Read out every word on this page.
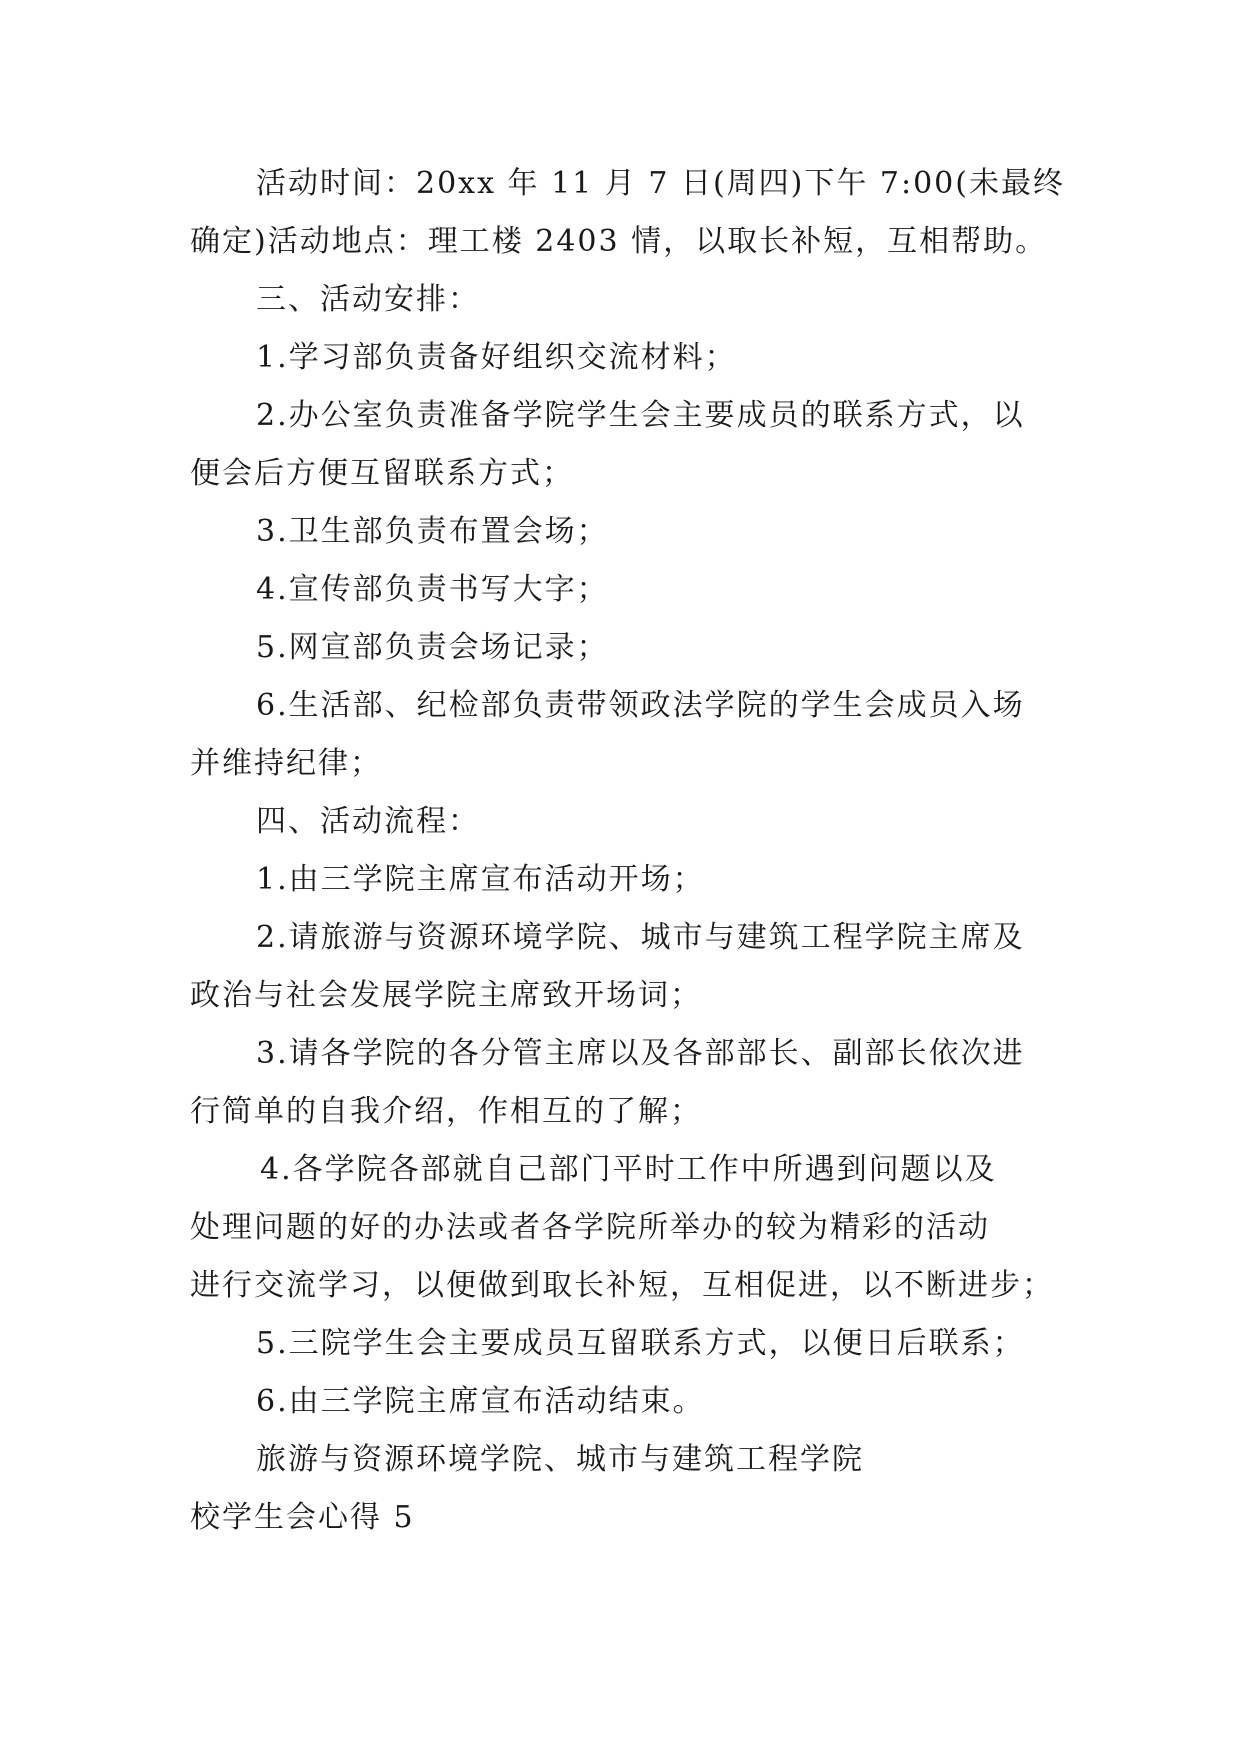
活动时间：20xx 年 11 月 7 日(周四)下午 7:00(未最终
确定)活动地点：理工楼 2403 情，以取长补短，互相帮助。
三、活动安排：
1.学习部负责备好组织交流材料；
2.办公室负责准备学院学生会主要成员的联系方式，以
便会后方便互留联系方式；
3.卫生部负责布置会场；
4.宣传部负责书写大字；
5.网宣部负责会场记录；
6.生活部、纪检部负责带领政法学院的学生会成员入场
并维持纪律；
四、活动流程：
1.由三学院主席宣布活动开场；
2.请旅游与资源环境学院、城市与建筑工程学院主席及
政治与社会发展学院主席致开场词；
3.请各学院的各分管主席以及各部部长、副部长依次进
行简单的自我介绍，作相互的了解；
4.各学院各部就自己部门平时工作中所遇到问题以及
处理问题的好的办法或者各学院所举办的较为精彩的活动
进行交流学习，以便做到取长补短，互相促进，以不断进步；
5.三院学生会主要成员互留联系方式，以便日后联系；
6.由三学院主席宣布活动结束。
旅游与资源环境学院、城市与建筑工程学院
校学生会心得 5
